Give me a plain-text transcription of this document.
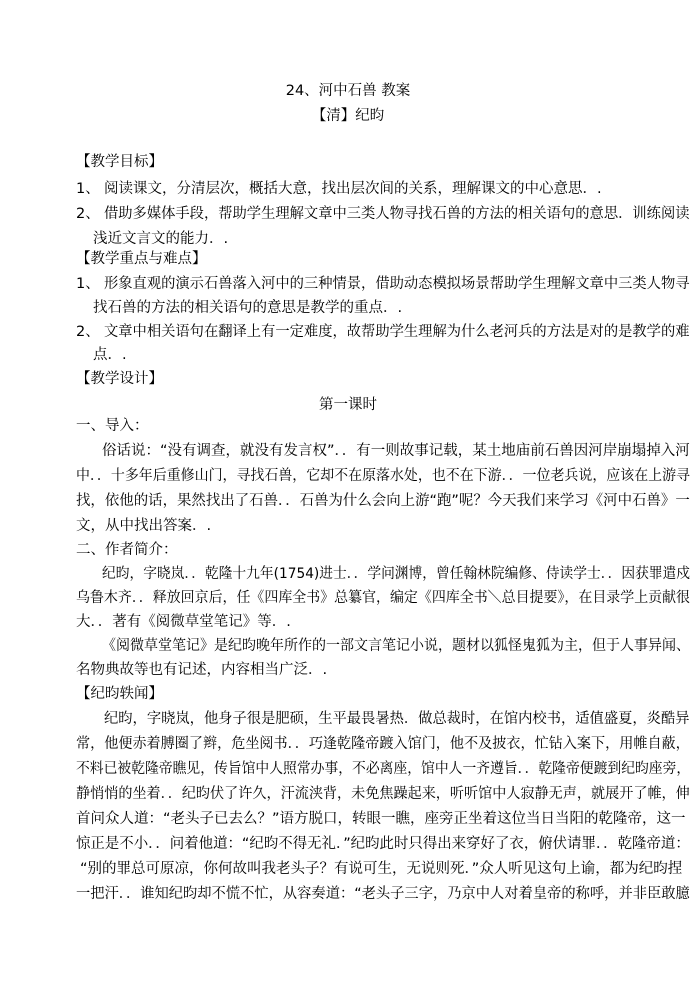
24、河中石兽 教案
【清】纪昀
【教学目标】
1、 阅读课文，分清层次，概括大意，找出层次间的关系，理解课文的中心意思．.
2、 借助多媒体手段，帮助学生理解文章中三类人物寻找石兽的方法的相关语句的意思．训练阅读
浅近文言文的能力．.
【教学重点与难点】
1、 形象直观的演示石兽落入河中的三种情景，借助动态模拟场景帮助学生理解文章中三类人物寻
找石兽的方法的相关语句的意思是教学的重点．.
2、 文章中相关语句在翻译上有一定难度，故帮助学生理解为什么老河兵的方法是对的是教学的难
点．.
【教学设计】
第一课时
一、导入：
俗话说：“没有调查，就没有发言权”．．有一则故事记载，某土地庙前石兽因河岸崩塌掉入河
中．．十多年后重修山门，寻找石兽，它却不在原落水处，也不在下游．．一位老兵说，应该在上游寻
找，依他的话，果然找出了石兽．．石兽为什么会向上游“跑”呢？今天我们来学习《河中石兽》一
文，从中找出答案．.
二、作者简介：
纪昀，字晓岚．．乾隆十九年(1754)进士．．学问渊博，曾任翰林院编修、侍读学士．．因获罪遣戍
乌鲁木齐．．释放回京后，任《四库全书》总纂官，编定《四库全书＼总目提要》，在目录学上贡献很
大．．著有《阅微草堂笔记》等．.
《阅微草堂笔记》是纪昀晚年所作的一部文言笔记小说，题材以狐怪鬼狐为主，但于人事异闻、
名物典故等也有记述，内容相当广泛．.
【纪昀轶闻】
纪昀，字晓岚，他身子很是肥硕，生平最畏暑热．做总裁时，在馆内校书，适值盛夏，炎酷异
常，他便赤着膊圈了辫，危坐阅书．．巧逢乾隆帝踱入馆门，他不及披衣，忙钻入案下，用帷自蔽，
不料已被乾隆帝瞧见，传旨馆中人照常办事，不必离座，馆中人一齐遵旨．．乾隆帝便踱到纪昀座旁，
静悄悄的坐着．．纪昀伏了许久，汗流浃背，未免焦躁起来，听听馆中人寂静无声，就展开了帷，伸
首问众人道：“老头子已去么？”语方脱口，转眼一瞧，座旁正坐着这位当日当阳的乾隆帝，这一
惊正是不小．．问着他道：“纪昀不得无礼．”纪昀此时只得出来穿好了衣，俯伏请罪．．乾隆帝道：
“别的罪总可原凉，你何故叫我老头子？有说可生，无说则死．”众人听见这句上谕，都为纪昀捏
一把汗．．谁知纪昀却不慌不忙，从容奏道：“老头子三字，乃京中人对着皇帝的称呼，并非臣敢臆
